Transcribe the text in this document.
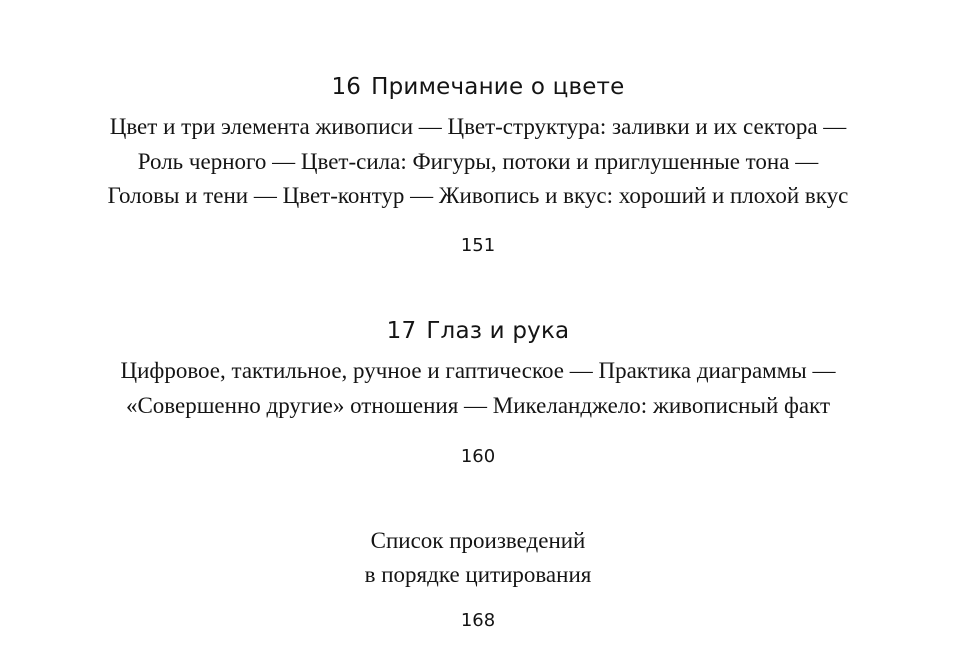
16 Примечание о цвете
Цвет и три элемента живописи — Цвет-структура: заливки и их сектора —
Роль черного — Цвет-сила: Фигуры, потоки и приглушенные тона —
Головы и тени — Цвет-контур — Живопись и вкус: хороший и плохой вкус
151
17 Глаз и рука
Цифровое, тактильное, ручное и гаптическое — Практика диаграммы —
«Совершенно другие» отношения — Микеланджело: живописный факт
160
Список произведений
в порядке цитирования
168
